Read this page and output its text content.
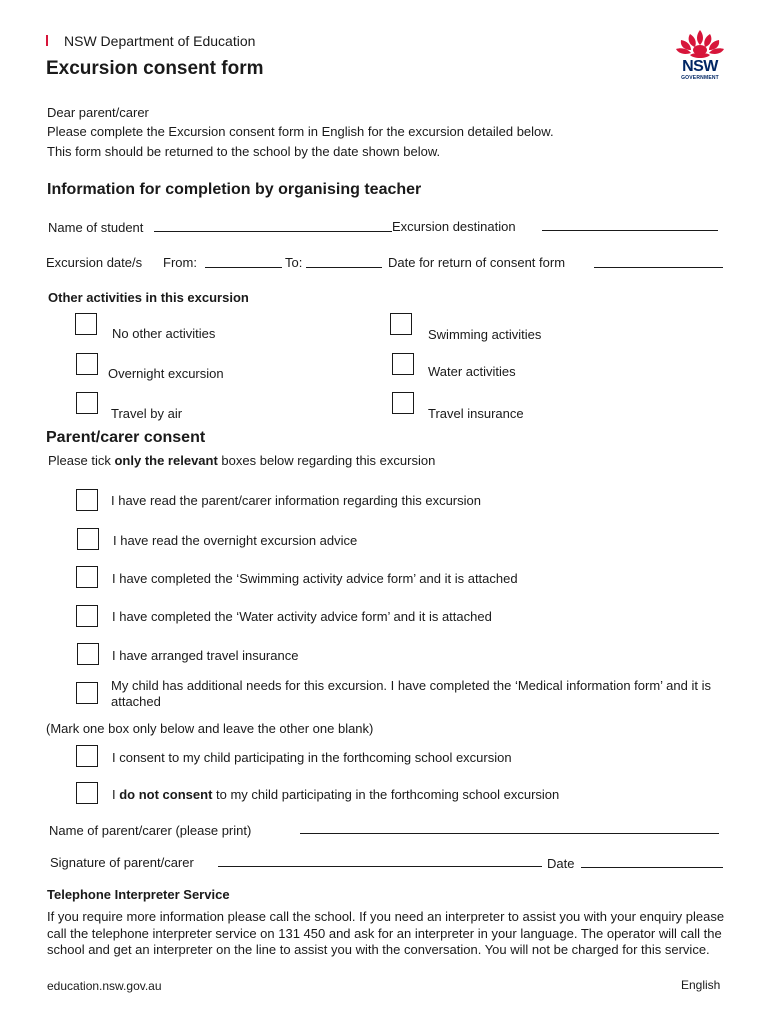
NSW Department of Education
Excursion consent form	NSW
GOVERNMENT
Dear parent/carer
Please complete the Excursion consent form in English for the excursion detailed below.
This form should be returned to the school by the date shown below.
Information for completion by organising teacher
Name of student	Excursion destination
Excursion date/s From:	To:	Date for return of consent form
Other activities in this excursion
No other activities	Swimming activities
Overnight excursion	Water activities
Travel by air	Travel insurance
Parent/carer consent
Please tick only the relevant boxes below regarding this excursion
I have read the parent/carer information regarding this excursion
I have read the overnight excursion advice
I have completed the ‘Swimming activity advice form’ and it is attached
I have completed the ‘Water activity advice form’ and it is attached
I have arranged travel insurance
My child has additional needs for this excursion. I have completed the ‘Medical information form’ and it is attached
(Mark one box only below and leave the other one blank)
I consent to my child participating in the forthcoming school excursion
I do not consent to my child participating in the forthcoming school excursion
Name of parent/carer (please print)
Signature of parent/carer	Date
Telephone Interpreter Service
If you require more information please call the school. If you need an interpreter to assist you with your enquiry please call the telephone interpreter service on 131 450 and ask for an interpreter in your language. The operator will call the school and get an interpreter on the line to assist you with the conversation. You will not be charged for this service.
education.nsw.gov.au	English
